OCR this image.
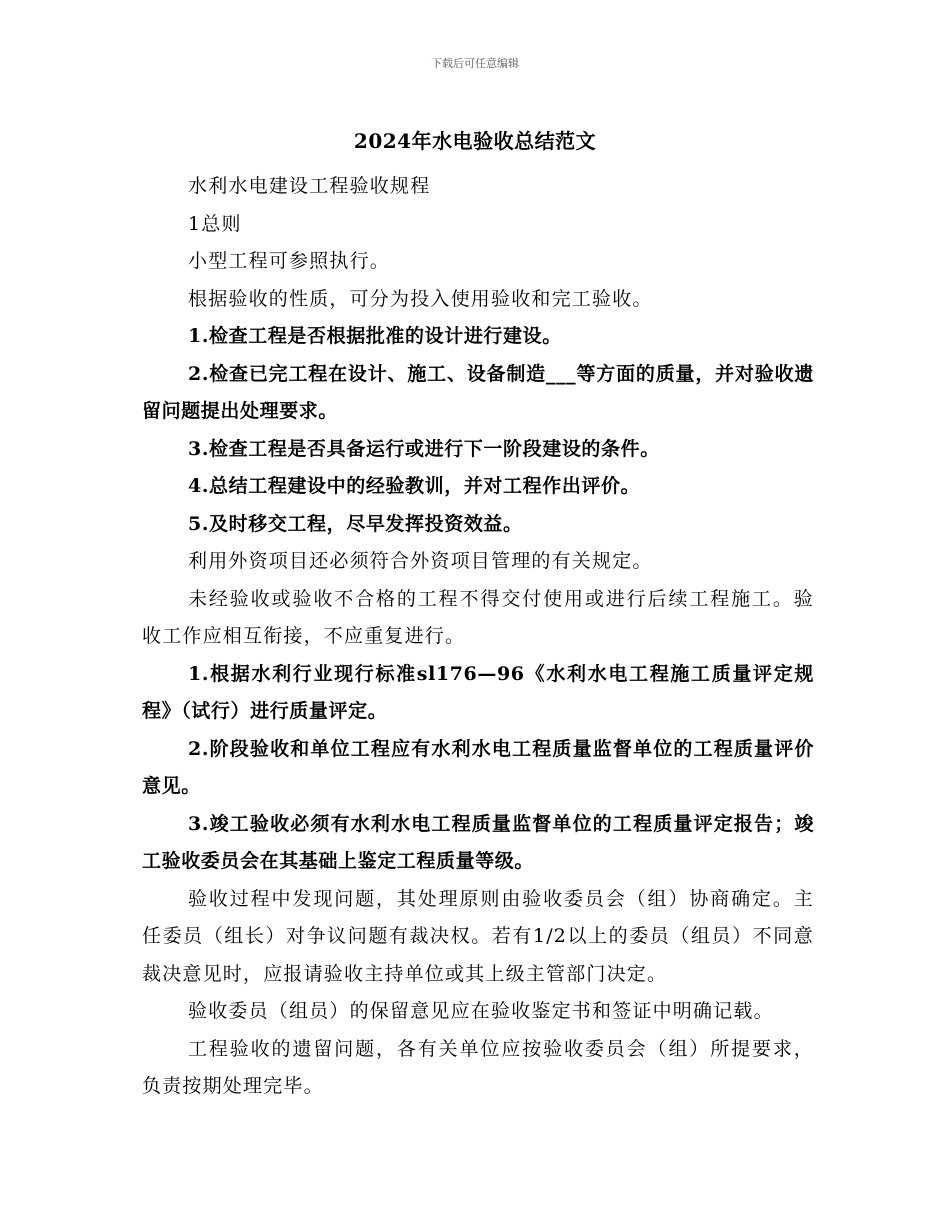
下载后可任意编辑
2024年水电验收总结范文

水利水电建设工程验收规程

1总则

小型工程可参照执行。

根据验收的性质，可分为投入使用验收和完工验收。

1.检查工程是否根据批准的设计进行建设。

2.检查已完工程在设计、施工、设备制造___等方面的质量，并对验收遗留问题提出处理要求。

3.检查工程是否具备运行或进行下一阶段建设的条件。

4.总结工程建设中的经验教训，并对工程作出评价。

5.及时移交工程，尽早发挥投资效益。

利用外资项目还必须符合外资项目管理的有关规定。

未经验收或验收不合格的工程不得交付使用或进行后续工程施工。验收工作应相互衔接，不应重复进行。

1.根据水利行业现行标准sl176—96《水利水电工程施工质量评定规程》（试行）进行质量评定。

2.阶段验收和单位工程应有水利水电工程质量监督单位的工程质量评价意见。

3.竣工验收必须有水利水电工程质量监督单位的工程质量评定报告；竣工验收委员会在其基础上鉴定工程质量等级。

验收过程中发现问题，其处理原则由验收委员会（组）协商确定。主任委员（组长）对争议问题有裁决权。若有1/2以上的委员（组员）不同意裁决意见时，应报请验收主持单位或其上级主管部门决定。

验收委员（组员）的保留意见应在验收鉴定书和签证中明确记载。

工程验收的遗留问题，各有关单位应按验收委员会（组）所提要求，负责按期处理完毕。
